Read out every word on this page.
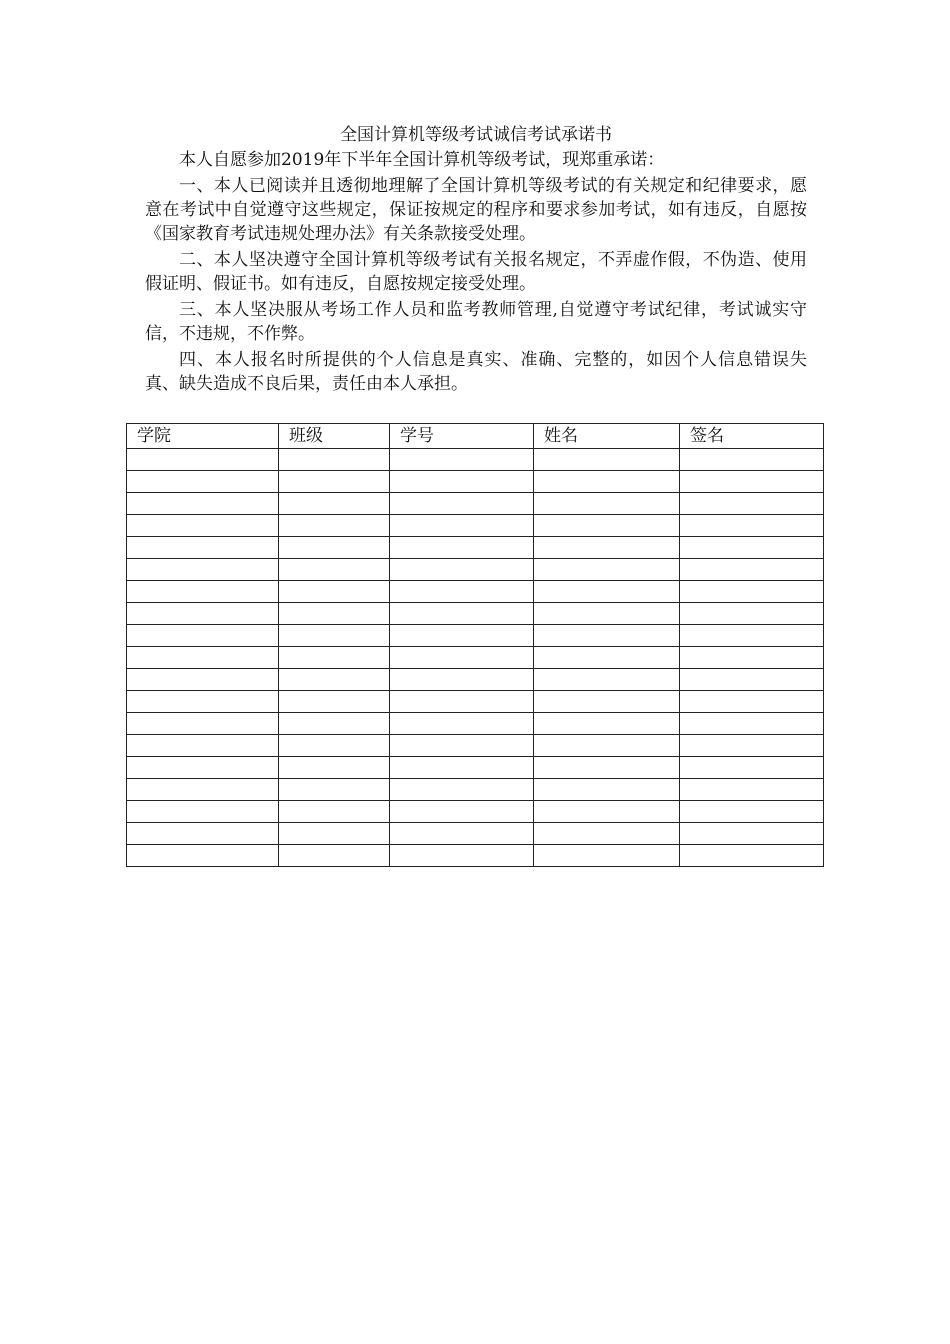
全国计算机等级考试诚信考试承诺书

本人自愿参加2019年下半年全国计算机等级考试，现郑重承诺：

一、本人已阅读并且透彻地理解了全国计算机等级考试的有关规定和纪律要求，愿意在考试中自觉遵守这些规定，保证按规定的程序和要求参加考试，如有违反，自愿按《国家教育考试违规处理办法》有关条款接受处理。

二、本人坚决遵守全国计算机等级考试有关报名规定，不弄虚作假，不伪造、使用假证明、假证书。如有违反，自愿按规定接受处理。

三、本人坚决服从考场工作人员和监考教师管理,自觉遵守考试纪律，考试诚实守信，不违规，不作弊。

四、本人报名时所提供的个人信息是真实、准确、完整的，如因个人信息错误失真、缺失造成不良后果，责任由本人承担。

学院	班级	学号	姓名	签名
